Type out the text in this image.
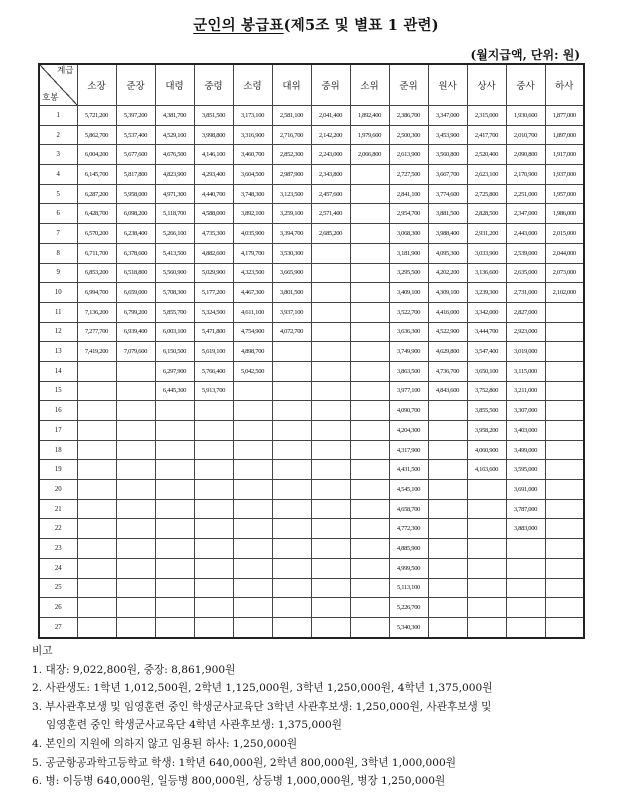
군인의 봉급표(제5조 및 별표 1 관련)
(월지급액, 단위: 원)
계급
호봉	소장	준장	대령	중령	소령	대위	중위	소위	준위	원사	상사	중사	하사
1	5,721,200	5,397,200	4,381,700	3,851,500	3,173,100	2,581,100	2,041,400	1,892,400	2,386,700	3,347,000	2,315,000	1,930,600	1,877,000
2	5,862,700	5,537,400	4,529,100	3,998,800	3,316,900	2,716,700	2,142,200	1,979,600	2,500,300	3,453,900	2,417,700	2,010,700	1,897,000
3	6,004,200	5,677,600	4,676,500	4,146,100	3,460,700	2,852,300	2,243,000	2,066,800	2,613,900	3,560,800	2,520,400	2,090,800	1,917,000
4	6,145,700	5,817,800	4,823,900	4,293,400	3,604,500	2,987,900	2,343,800		2,727,500	3,667,700	2,623,100	2,170,900	1,937,000
5	6,287,200	5,958,000	4,971,300	4,440,700	3,748,300	3,123,500	2,457,600		2,841,100	3,774,600	2,725,800	2,251,000	1,957,000
6	6,428,700	6,098,200	5,118,700	4,588,000	3,892,100	3,259,100	2,571,400		2,954,700	3,881,500	2,828,500	2,347,000	1,986,000
7	6,570,200	6,238,400	5,266,100	4,735,300	4,035,900	3,394,700	2,685,200		3,068,300	3,988,400	2,931,200	2,443,000	2,015,000
8	6,711,700	6,378,600	5,413,500	4,882,600	4,179,700	3,530,300			3,181,900	4,095,300	3,033,900	2,539,000	2,044,000
9	6,853,200	6,518,800	5,560,900	5,029,900	4,323,500	3,665,900			3,295,500	4,202,200	3,136,600	2,635,000	2,073,000
10	6,994,700	6,659,000	5,708,300	5,177,200	4,467,300	3,801,500			3,409,100	4,309,100	3,239,300	2,731,000	2,102,000
11	7,136,200	6,799,200	5,855,700	5,324,500	4,611,100	3,937,100			3,522,700	4,416,000	3,342,000	2,827,000	
12	7,277,700	6,939,400	6,003,100	5,471,800	4,754,900	4,072,700			3,636,300	4,522,900	3,444,700	2,923,000	
13	7,419,200	7,079,600	6,150,500	5,619,100	4,898,700				3,749,900	4,629,800	3,547,400	3,019,000	
14			6,297,900	5,766,400	5,042,500				3,863,500	4,736,700	3,650,100	3,115,000	
15			6,445,300	5,913,700					3,977,100	4,843,600	3,752,800	3,211,000	
16									4,090,700		3,855,500	3,307,000	
17									4,204,300		3,958,200	3,403,000	
18									4,317,900		4,060,900	3,499,000	
19									4,431,500		4,163,600	3,595,000	
20									4,545,100			3,691,000	
21									4,658,700			3,787,000	
22									4,772,300			3,883,000	
23									4,885,900				
24									4,999,500				
25									5,113,100				
26									5,226,700				
27									5,340,300				
비고
1. 대장: 9,022,800원, 중장: 8,861,900원
2. 사관생도: 1학년 1,012,500원, 2학년 1,125,000원, 3학년 1,250,000원, 4학년 1,375,000원
3. 부사관후보생 및 임영훈련 중인 학생군사교육단 3학년 사관후보생: 1,250,000원, 사관후보생 및
임영훈련 중인 학생군사교육단 4학년 사관후보생: 1,375,000원
4. 본인의 지원에 의하지 않고 임용된 하사: 1,250,000원
5. 공군항공과학고등학교 학생: 1학년 640,000원, 2학년 800,000원, 3학년 1,000,000원
6. 병: 이등병 640,000원, 일등병 800,000원, 상등병 1,000,000원, 병장 1,250,000원
